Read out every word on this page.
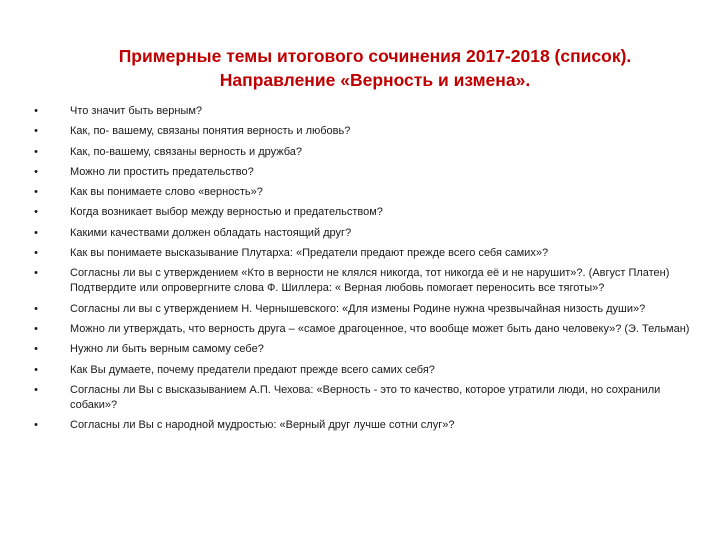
Примерные темы итогового сочинения 2017-2018 (список).
Направление «Верность и измена».
•	Что значит быть верным?
•	Как, по- вашему, связаны понятия верность и любовь?
•	Как, по-вашему, связаны верность и дружба?
•	Можно ли простить предательство?
•	Как вы понимаете слово «верность»?
•	Когда возникает выбор между верностью и предательством?
•	Какими качествами должен обладать настоящий друг?
•	Как вы понимаете высказывание Плутарха: «Предатели предают прежде всего себя самих»?
•	Согласны ли вы с утверждением «Кто в верности не клялся никогда, тот никогда её и не нарушит»?. (Август Платен) Подтвердите или опровергните слова Ф. Шиллера: « Верная любовь помогает переносить все тяготы»?
•	Согласны ли вы с утверждением Н. Чернышевского: «Для измены Родине нужна чрезвычайная низость души»?
•	Можно ли утверждать, что верность друга – «самое драгоценное, что вообще может быть дано человеку»? (Э. Тельман)
•	Нужно ли быть верным самому себе?
•	Как Вы думаете, почему предатели предают прежде всего самих себя?
•	Согласны ли Вы с высказыванием А.П. Чехова: «Верность - это то качество, которое утратили люди, но сохранили собаки»?
•	Согласны ли Вы с народной мудростью: «Верный друг лучше сотни слуг»?
